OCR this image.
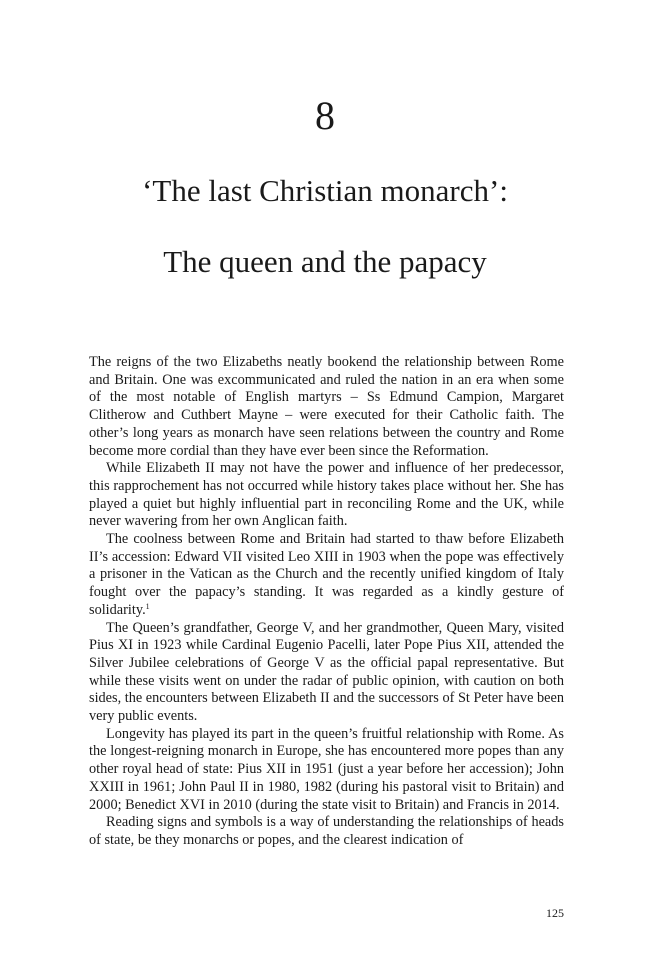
8
‘The last Christian monarch’:
The queen and the papacy

The reigns of the two Elizabeths neatly bookend the relationship between Rome and Britain. One was excommunicated and ruled the nation in an era when some of the most notable of English martyrs – Ss Edmund Campion, Margaret Clitherow and Cuthbert Mayne – were executed for their Catholic faith. The other’s long years as monarch have seen relations between the country and Rome become more cordial than they have ever been since the Reformation.

While Elizabeth II may not have the power and influence of her predecessor, this rapprochement has not occurred while history takes place without her. She has played a quiet but highly influential part in reconciling Rome and the UK, while never wavering from her own Anglican faith.

The coolness between Rome and Britain had started to thaw before Elizabeth II’s accession: Edward VII visited Leo XIII in 1903 when the pope was effectively a prisoner in the Vatican as the Church and the recently unified kingdom of Italy fought over the papacy’s standing. It was regarded as a kindly gesture of solidarity.$^1$

The Queen’s grandfather, George V, and her grandmother, Queen Mary, visited Pius XI in 1923 while Cardinal Eugenio Pacelli, later Pope Pius XII, attended the Silver Jubilee celebrations of George V as the official papal representative. But while these visits went on under the radar of public opinion, with caution on both sides, the encounters between Elizabeth II and the successors of St Peter have been very public events.

Longevity has played its part in the queen’s fruitful relationship with Rome. As the longest-reigning monarch in Europe, she has encountered more popes than any other royal head of state: Pius XII in 1951 (just a year before her accession); John XXIII in 1961; John Paul II in 1980, 1982 (during his pastoral visit to Britain) and 2000; Benedict XVI in 2010 (during the state visit to Britain) and Francis in 2014.

Reading signs and symbols is a way of understanding the relationships of heads of state, be they monarchs or popes, and the clearest indication of

125
